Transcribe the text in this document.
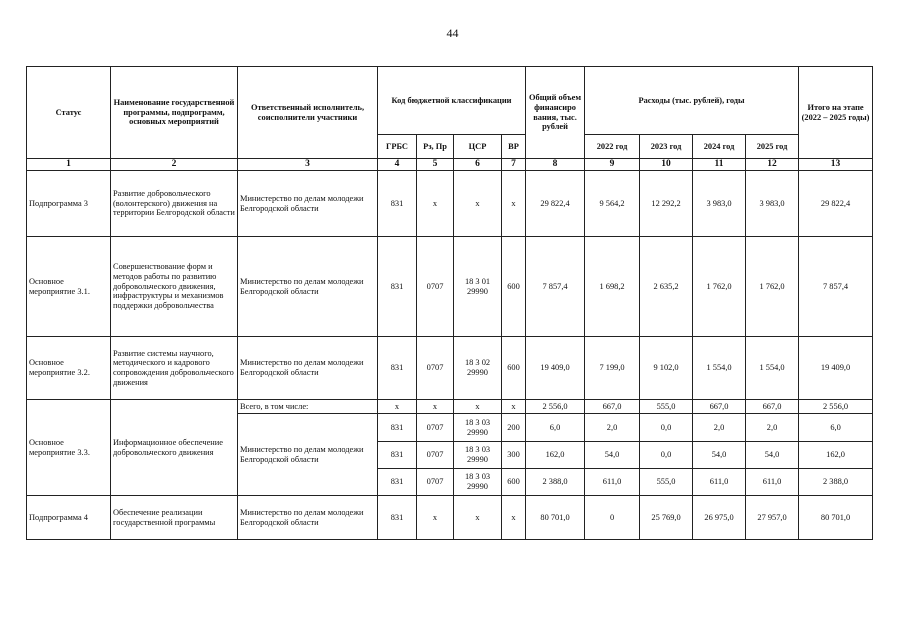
44
Статус	Наименование государственной программы, подпрограмм, основных мероприятий	Ответственный исполнитель, соисполнители участники	Код бюджетной классификации				Общий объем финансиро вания, тыс. рублей	Расходы (тыс. рублей), годы				Итого на этапе (2022 – 2025 годы)
			ГРБС	Рз, Пр	ЦСР	ВР		2022 год	2023 год	2024 год	2025 год	
1	2	3	4	5	6	7	8	9	10	11	12	13
Подпрограмма 3	Развитие добровольческого (волонтерского) движения на территории Белгородской области	Министерство по делам молодежи Белгородской области	831	х	х	х	29 822,4	9 564,2	12 292,2	3 983,0	3 983,0	29 822,4
Основное мероприятие 3.1.	Совершенствование форм и методов работы по развитию добровольческого движения, инфраструктуры и механизмов поддержки добровольчества	Министерство по делам молодежи Белгородской области	831	0707	18 3 01 29990	600	7 857,4	1 698,2	2 635,2	1 762,0	1 762,0	7 857,4
Основное мероприятие 3.2.	Развитие системы научного, методического и кадрового сопровождения добровольческого движения	Министерство по делам молодежи Белгородской области	831	0707	18 3 02 29990	600	19 409,0	7 199,0	9 102,0	1 554,0	1 554,0	19 409,0
Основное мероприятие 3.3.	Информационное обеспечение добровольческого движения	Всего, в том числе:	х	х	х	х	2 556,0	667,0	555,0	667,0	667,0	2 556,0
		Министерство по делам молодежи Белгородской области	831	0707	18 3 03 29990	200	6,0	2,0	0,0	2,0	2,0	6,0
			831	0707	18 3 03 29990	300	162,0	54,0	0,0	54,0	54,0	162,0
			831	0707	18 3 03 29990	600	2 388,0	611,0	555,0	611,0	611,0	2 388,0
Подпрограмма 4	Обеспечение реализации государственной программы	Министерство по делам молодежи Белгородской области	831	х	х	х	80 701,0	0	25 769,0	26 975,0	27 957,0	80 701,0
